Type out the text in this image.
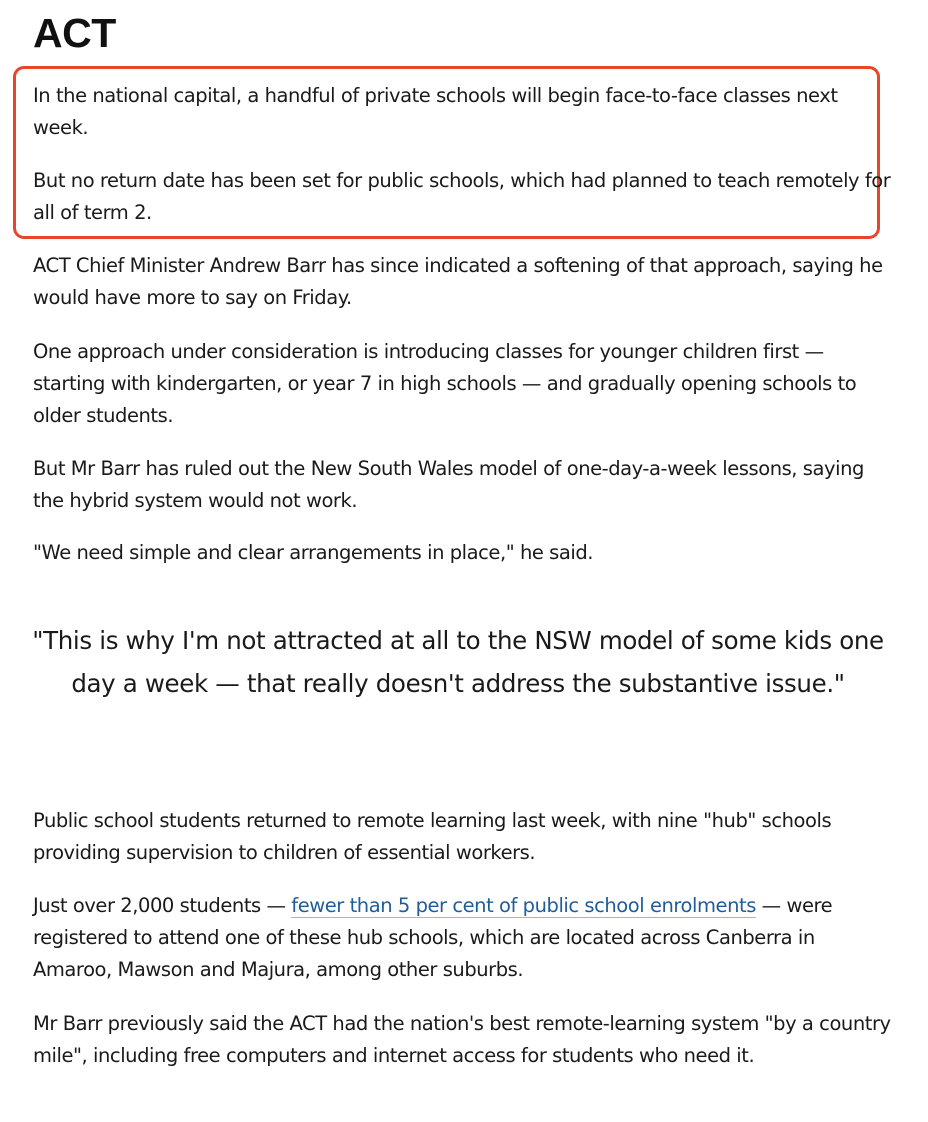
ACT

In the national capital, a handful of private schools will begin face-to-face classes next week.

But no return date has been set for public schools, which had planned to teach remotely for all of term 2.

ACT Chief Minister Andrew Barr has since indicated a softening of that approach, saying he would have more to say on Friday.

One approach under consideration is introducing classes for younger children first — starting with kindergarten, or year 7 in high schools — and gradually opening schools to older students.

But Mr Barr has ruled out the New South Wales model of one-day-a-week lessons, saying the hybrid system would not work.

"We need simple and clear arrangements in place," he said.

"This is why I'm not attracted at all to the NSW model of some kids one day a week — that really doesn't address the substantive issue."

Public school students returned to remote learning last week, with nine "hub" schools providing supervision to children of essential workers.

Just over 2,000 students — fewer than 5 per cent of public school enrolments — were registered to attend one of these hub schools, which are located across Canberra in Amaroo, Mawson and Majura, among other suburbs.

Mr Barr previously said the ACT had the nation's best remote-learning system "by a country mile", including free computers and internet access for students who need it.
